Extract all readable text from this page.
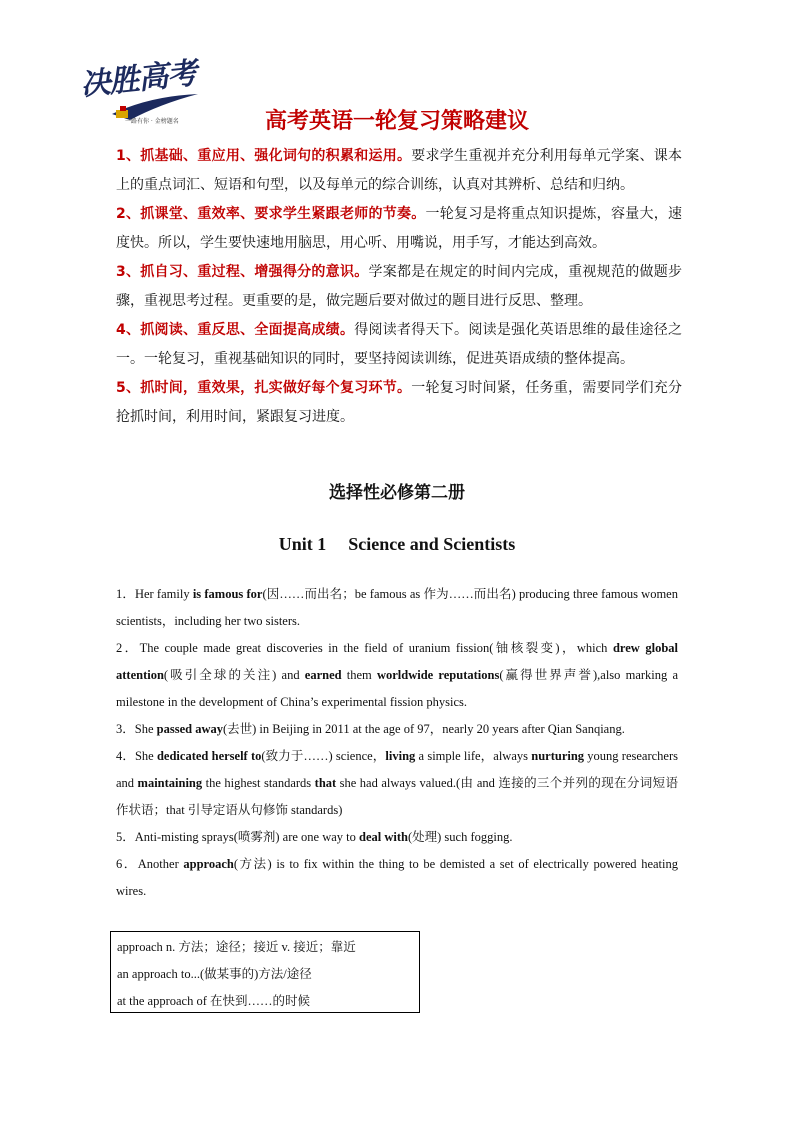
决胜高考
一路有你 · 金榜题名	高考英语一轮复习策略建议

1、抓基础、重应用、强化词句的积累和运用。要求学生重视并充分利用每单元学案、课本上的重点词汇、短语和句型，以及每单元的综合训练，认真对其辨析、总结和归纳。

2、抓课堂、重效率、要求学生紧跟老师的节奏。一轮复习是将重点知识提炼，容量大，速度快。所以，学生要快速地用脑思，用心听、用嘴说，用手写，才能达到高效。

3、抓自习、重过程、增强得分的意识。学案都是在规定的时间内完成，重视规范的做题步骤，重视思考过程。更重要的是，做完题后要对做过的题目进行反思、整理。

4、抓阅读、重反思、全面提高成绩。得阅读者得天下。阅读是强化英语思维的最佳途径之一。一轮复习，重视基础知识的同时，要坚持阅读训练，促进英语成绩的整体提高。

5、抓时间，重效果，扎实做好每个复习环节。一轮复习时间紧，任务重，需要同学们充分抢抓时间，利用时间，紧跟复习进度。

选择性必修第二册
Unit 1 Science and Scientists

1．Her family is famous for(因……而出名；be famous as 作为……而出名) producing three famous women scientists，including her two sisters.

2．The couple made great discoveries in the field of uranium fission(铀核裂变)，which drew global attention(吸引全球的关注) and earned them worldwide reputations(赢得世界声誉),also marking a milestone in the development of China’s experimental fission physics.

3．She passed away(去世) in Beijing in 2011 at the age of 97，nearly 20 years after Qian Sanqiang.

4．She dedicated herself to(致力于……) science，living a simple life，always nurturing young researchers and maintaining the highest standards that she had always valued.(由 and 连接的三个并列的现在分词短语作状语；that 引导定语从句修饰 standards)

5．Anti-misting sprays(喷雾剂) are one way to deal with(处理) such fogging.

6．Another approach(方法) is to fix within the thing to be demisted a set of electrically powered heating wires.

approach n. 方法；途径；接近 v. 接近；靠近
an approach to...(做某事的)方法/途径
at the approach of 在快到……的时候
